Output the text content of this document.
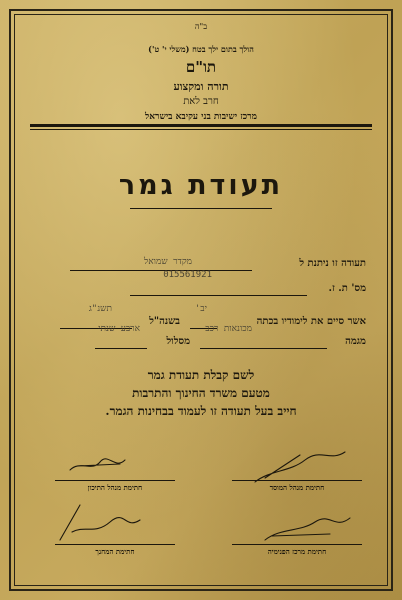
ב"ה
הולך בתום ילך בטח (משלי י' ט')
תו"ם
תורה ומקצוע
חרב לאת
מרכז ישיבות בני עקיבא בישראל
תעודת גמר
תעודה זו ניתנת ל
מקדר שמואל
מס' ת. ז.
015561921
אשר סיים את לימודיו בכתה
יב'
בשנה"ל
תשנ"ג
מגמה
מכונאות רכב
מסלול
ארבע שנתי
לשם קבלת תעודת גמר
מטעם משרד החינוך והתרבות
חייב בעל תעודה זו לעמוד בבחינות הגמר.
חתימת מנהל התיכון	חתימת מנהל המוסד
חתימת המחנך	חתימת מרכז הפנימיה
